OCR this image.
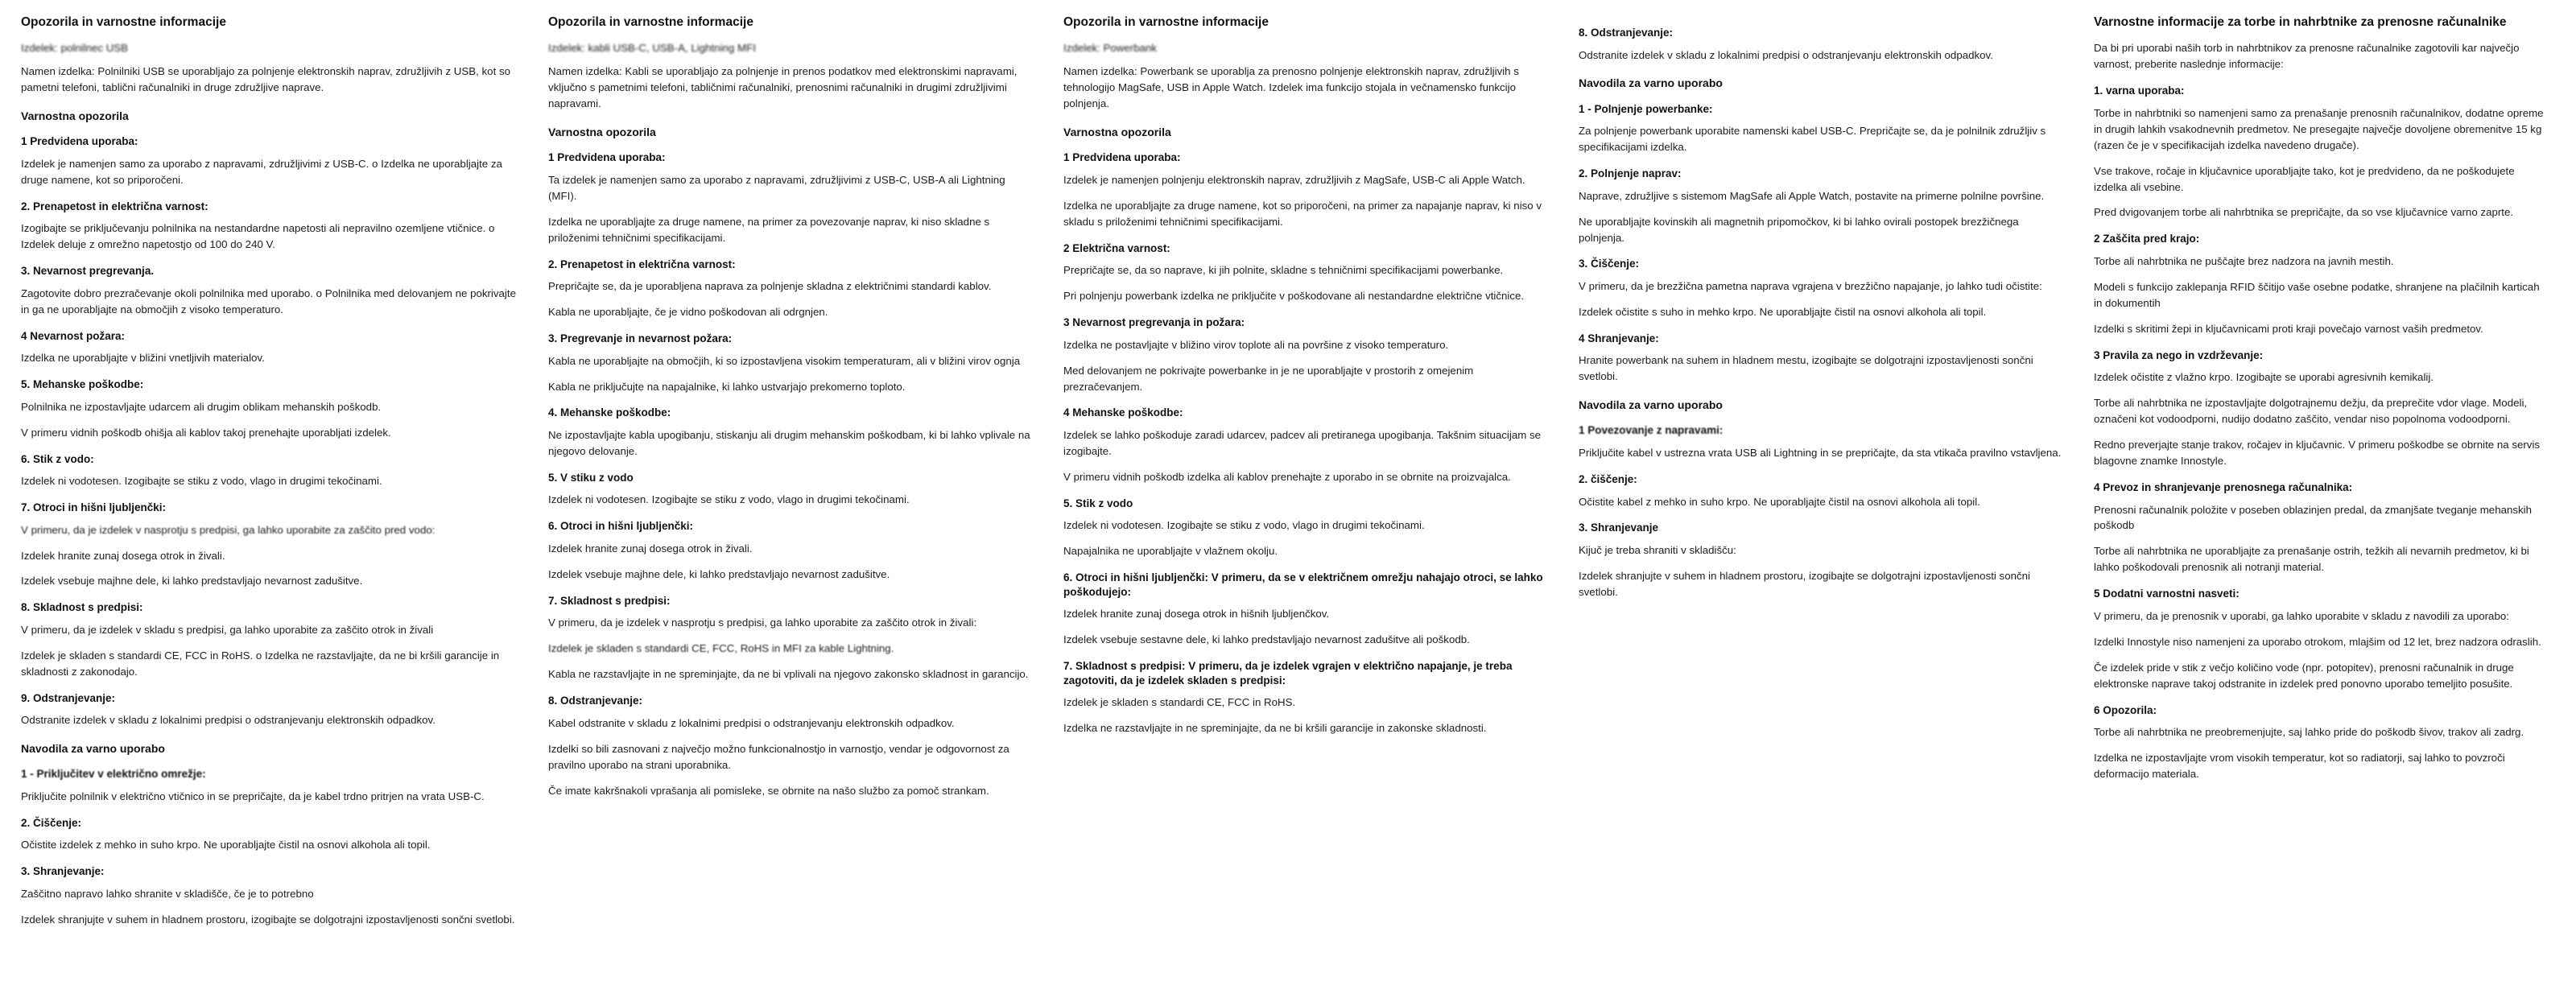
Opozorila in varnostne informacije

Izdelek: polnilnec USB

Namen izdelka: Polnilniki USB se uporabljajo za polnjenje elektronskih naprav, združljivih z USB, kot so pametni telefoni, tablični računalniki in druge združljive naprave.

Varnostna opozorila
1 Predvidena uporaba:

Izdelek je namenjen samo za uporabo z napravami, združljivimi z USB-C. o Izdelka ne uporabljajte za druge namene, kot so priporočeni.

2. Prenapetost in električna varnost:

Izogibajte se priključevanju polnilnika na nestandardne napetosti ali nepravilno ozemljene vtičnice. o Izdelek deluje z omrežno napetostjo od 100 do 240 V.

3. Nevarnost pregrevanja.

Zagotovite dobro prezračevanje okoli polnilnika med uporabo. o Polnilnika med delovanjem ne pokrivajte in ga ne uporabljajte na območjih z visoko temperaturo.

4 Nevarnost požara:

Izdelka ne uporabljajte v bližini vnetljivih materialov.

5. Mehanske poškodbe:

Polnilnika ne izpostavljajte udarcem ali drugim oblikam mehanskih poškodb.

V primeru vidnih poškodb ohišja ali kablov takoj prenehajte uporabljati izdelek.

6. Stik z vodo:

Izdelek ni vodotesen. Izogibajte se stiku z vodo, vlago in drugimi tekočinami.

7. Otroci in hišni ljubljenčki:

V primeru, da je izdelek v nasprotju s predpisi, ga lahko uporabite za zaščito pred vodo:

Izdelek hranite zunaj dosega otrok in živali.

Izdelek vsebuje majhne dele, ki lahko predstavljajo nevarnost zadušitve.

8. Skladnost s predpisi:

V primeru, da je izdelek v skladu s predpisi, ga lahko uporabite za zaščito otrok in živali

Izdelek je skladen s standardi CE, FCC in RoHS. o Izdelka ne razstavljajte, da ne bi kršili garancije in skladnosti z zakonodajo.

9. Odstranjevanje:

Odstranite izdelek v skladu z lokalnimi predpisi o odstranjevanju elektronskih odpadkov.

Navodila za varno uporabo
1 - Priključitev v električno omrežje:

Priključite polnilnik v električno vtičnico in se prepričajte, da je kabel trdno pritrjen na vrata USB-C.

2. Čiščenje:

Očistite izdelek z mehko in suho krpo. Ne uporabljajte čistil na osnovi alkohola ali topil.

3. Shranjevanje:

Zaščitno napravo lahko shranite v skladišče, če je to potrebno

Izdelek shranjujte v suhem in hladnem prostoru, izogibajte se dolgotrajni izpostavljenosti sončni svetlobi.

Opozorila in varnostne informacije

Izdelek: kabli USB-C, USB-A, Lightning MFI

Namen izdelka: Kabli se uporabljajo za polnjenje in prenos podatkov med elektronskimi napravami, vključno s pametnimi telefoni, tabličnimi računalniki, prenosnimi računalniki in drugimi združljivimi napravami.

Varnostna opozorila
1 Predvidena uporaba:

Ta izdelek je namenjen samo za uporabo z napravami, združljivimi z USB-C, USB-A ali Lightning (MFI).

Izdelka ne uporabljajte za druge namene, na primer za povezovanje naprav, ki niso skladne s priloženimi tehničnimi specifikacijami.

2. Prenapetost in električna varnost:

Prepričajte se, da je uporabljena naprava za polnjenje skladna z električnimi standardi kablov.

Kabla ne uporabljajte, če je vidno poškodovan ali odrgnjen.

3. Pregrevanje in nevarnost požara:

Kabla ne uporabljajte na območjih, ki so izpostavljena visokim temperaturam, ali v bližini virov ognja

Kabla ne priključujte na napajalnike, ki lahko ustvarjajo prekomerno toploto.

4. Mehanske poškodbe:

Ne izpostavljajte kabla upogibanju, stiskanju ali drugim mehanskim poškodbam, ki bi lahko vplivale na njegovo delovanje.

5. V stiku z vodo

Izdelek ni vodotesen. Izogibajte se stiku z vodo, vlago in drugimi tekočinami.

6. Otroci in hišni ljubljenčki:

Izdelek hranite zunaj dosega otrok in živali.

Izdelek vsebuje majhne dele, ki lahko predstavljajo nevarnost zadušitve.

7. Skladnost s predpisi:

V primeru, da je izdelek v nasprotju s predpisi, ga lahko uporabite za zaščito otrok in živali:

Izdelek je skladen s standardi CE, FCC, RoHS in MFI za kable Lightning.

Kabla ne razstavljajte in ne spreminjajte, da ne bi vplivali na njegovo zakonsko skladnost in garancijo.

8. Odstranjevanje:

Kabel odstranite v skladu z lokalnimi predpisi o odstranjevanju elektronskih odpadkov.

Izdelki so bili zasnovani z največjo možno funkcionalnostjo in varnostjo, vendar je odgovornost za pravilno uporabo na strani uporabnika.

Če imate kakršnakoli vprašanja ali pomisleke, se obrnite na našo službo za pomoč strankam.

Opozorila in varnostne informacije

Izdelek: Powerbank

Namen izdelka: Powerbank se uporablja za prenosno polnjenje elektronskih naprav, združljivih s tehnologijo MagSafe, USB in Apple Watch. Izdelek ima funkcijo stojala in večnamensko funkcijo polnjenja.

Varnostna opozorila
1 Predvidena uporaba:

Izdelek je namenjen polnjenju elektronskih naprav, združljivih z MagSafe, USB-C ali Apple Watch.

Izdelka ne uporabljajte za druge namene, kot so priporočeni, na primer za napajanje naprav, ki niso v skladu s priloženimi tehničnimi specifikacijami.

2 Električna varnost:

Prepričajte se, da so naprave, ki jih polnite, skladne s tehničnimi specifikacijami powerbanke.

Pri polnjenju powerbank izdelka ne priključite v poškodovane ali nestandardne električne vtičnice.

3 Nevarnost pregrevanja in požara:

Izdelka ne postavljajte v bližino virov toplote ali na površine z visoko temperaturo.

Med delovanjem ne pokrivajte powerbanke in je ne uporabljajte v prostorih z omejenim prezračevanjem.

4 Mehanske poškodbe:

Izdelek se lahko poškoduje zaradi udarcev, padcev ali pretiranega upogibanja. Takšnim situacijam se izogibajte.

V primeru vidnih poškodb izdelka ali kablov prenehajte z uporabo in se obrnite na proizvajalca.

5. Stik z vodo

Izdelek ni vodotesen. Izogibajte se stiku z vodo, vlago in drugimi tekočinami.

Napajalnika ne uporabljajte v vlažnem okolju.

6. Otroci in hišni ljubljenčki: V primeru, da se v električnem omrežju nahajajo otroci, se lahko poškodujejo:

Izdelek hranite zunaj dosega otrok in hišnih ljubljenčkov.

Izdelek vsebuje sestavne dele, ki lahko predstavljajo nevarnost zadušitve ali poškodb.

7. Skladnost s predpisi: V primeru, da je izdelek vgrajen v električno napajanje, je treba zagotoviti, da je izdelek skladen s predpisi:

Izdelek je skladen s standardi CE, FCC in RoHS.

Izdelka ne razstavljajte in ne spreminjajte, da ne bi kršili garancije in zakonske skladnosti.

8. Odstranjevanje:

Odstranite izdelek v skladu z lokalnimi predpisi o odstranjevanju elektronskih odpadkov.

Navodila za varno uporabo
1 - Polnjenje powerbanke:

Za polnjenje powerbank uporabite namenski kabel USB-C. Prepričajte se, da je polnilnik združljiv s specifikacijami izdelka.

2. Polnjenje naprav:

Naprave, združljive s sistemom MagSafe ali Apple Watch, postavite na primerne polnilne površine.

Ne uporabljajte kovinskih ali magnetnih pripomočkov, ki bi lahko ovirali postopek brezžičnega polnjenja.

3. Čiščenje:

V primeru, da je brezžična pametna naprava vgrajena v brezžično napajanje, jo lahko tudi očistite:

Izdelek očistite s suho in mehko krpo. Ne uporabljajte čistil na osnovi alkohola ali topil.

4 Shranjevanje:

Hranite powerbank na suhem in hladnem mestu, izogibajte se dolgotrajni izpostavljenosti sončni svetlobi.

Navodila za varno uporabo
1 Povezovanje z napravami:

Priključite kabel v ustrezna vrata USB ali Lightning in se prepričajte, da sta vtikača pravilno vstavljena.

2. čiščenje:

Očistite kabel z mehko in suho krpo. Ne uporabljajte čistil na osnovi alkohola ali topil.

3. Shranjevanje

Kijuč je treba shraniti v skladišču:

Izdelek shranjujte v suhem in hladnem prostoru, izogibajte se dolgotrajni izpostavljenosti sončni svetlobi.

Varnostne informacije za torbe in nahrbtnike za prenosne računalnike

Da bi pri uporabi naših torb in nahrbtnikov za prenosne računalnike zagotovili kar največjo varnost, preberite naslednje informacije:

1. varna uporaba:

Torbe in nahrbtniki so namenjeni samo za prenašanje prenosnih računalnikov, dodatne opreme in drugih lahkih vsakodnevnih predmetov. Ne presegajte največje dovoljene obremenitve 15 kg (razen če je v specifikacijah izdelka navedeno drugače).

Vse trakove, ročaje in ključavnice uporabljajte tako, kot je predvideno, da ne poškodujete izdelka ali vsebine.

Pred dvigovanjem torbe ali nahrbtnika se prepričajte, da so vse ključavnice varno zaprte.

2 Zaščita pred krajo:

Torbe ali nahrbtnika ne puščajte brez nadzora na javnih mestih.

Modeli s funkcijo zaklepanja RFID ščitijo vaše osebne podatke, shranjene na plačilnih karticah in dokumentih

Izdelki s skritimi žepi in ključavnicami proti kraji povečajo varnost vaših predmetov.

3 Pravila za nego in vzdrževanje:

Izdelek očistite z vlažno krpo. Izogibajte se uporabi agresivnih kemikalij.

Torbe ali nahrbtnika ne izpostavljajte dolgotrajnemu dežju, da preprečite vdor vlage. Modeli, označeni kot vodoodporni, nudijo dodatno zaščito, vendar niso popolnoma vodoodporni.

Redno preverjajte stanje trakov, ročajev in ključavnic. V primeru poškodbe se obrnite na servis blagovne znamke Innostyle.

4 Prevoz in shranjevanje prenosnega računalnika:

Prenosni računalnik položite v poseben oblazinjen predal, da zmanjšate tveganje mehanskih poškodb

Torbe ali nahrbtnika ne uporabljajte za prenašanje ostrih, težkih ali nevarnih predmetov, ki bi lahko poškodovali prenosnik ali notranji material.

5 Dodatni varnostni nasveti:

V primeru, da je prenosnik v uporabi, ga lahko uporabite v skladu z navodili za uporabo:

Izdelki Innostyle niso namenjeni za uporabo otrokom, mlajšim od 12 let, brez nadzora odraslih.

Če izdelek pride v stik z večjo količino vode (npr. potopitev), prenosni računalnik in druge elektronske naprave takoj odstranite in izdelek pred ponovno uporabo temeljito posušite.

6 Opozorila:

Torbe ali nahrbtnika ne preobremenjujte, saj lahko pride do poškodb šivov, trakov ali zadrg.

Izdelka ne izpostavljajte vrom visokih temperatur, kot so radiatorji, saj lahko to povzroči deformacijo materiala.
